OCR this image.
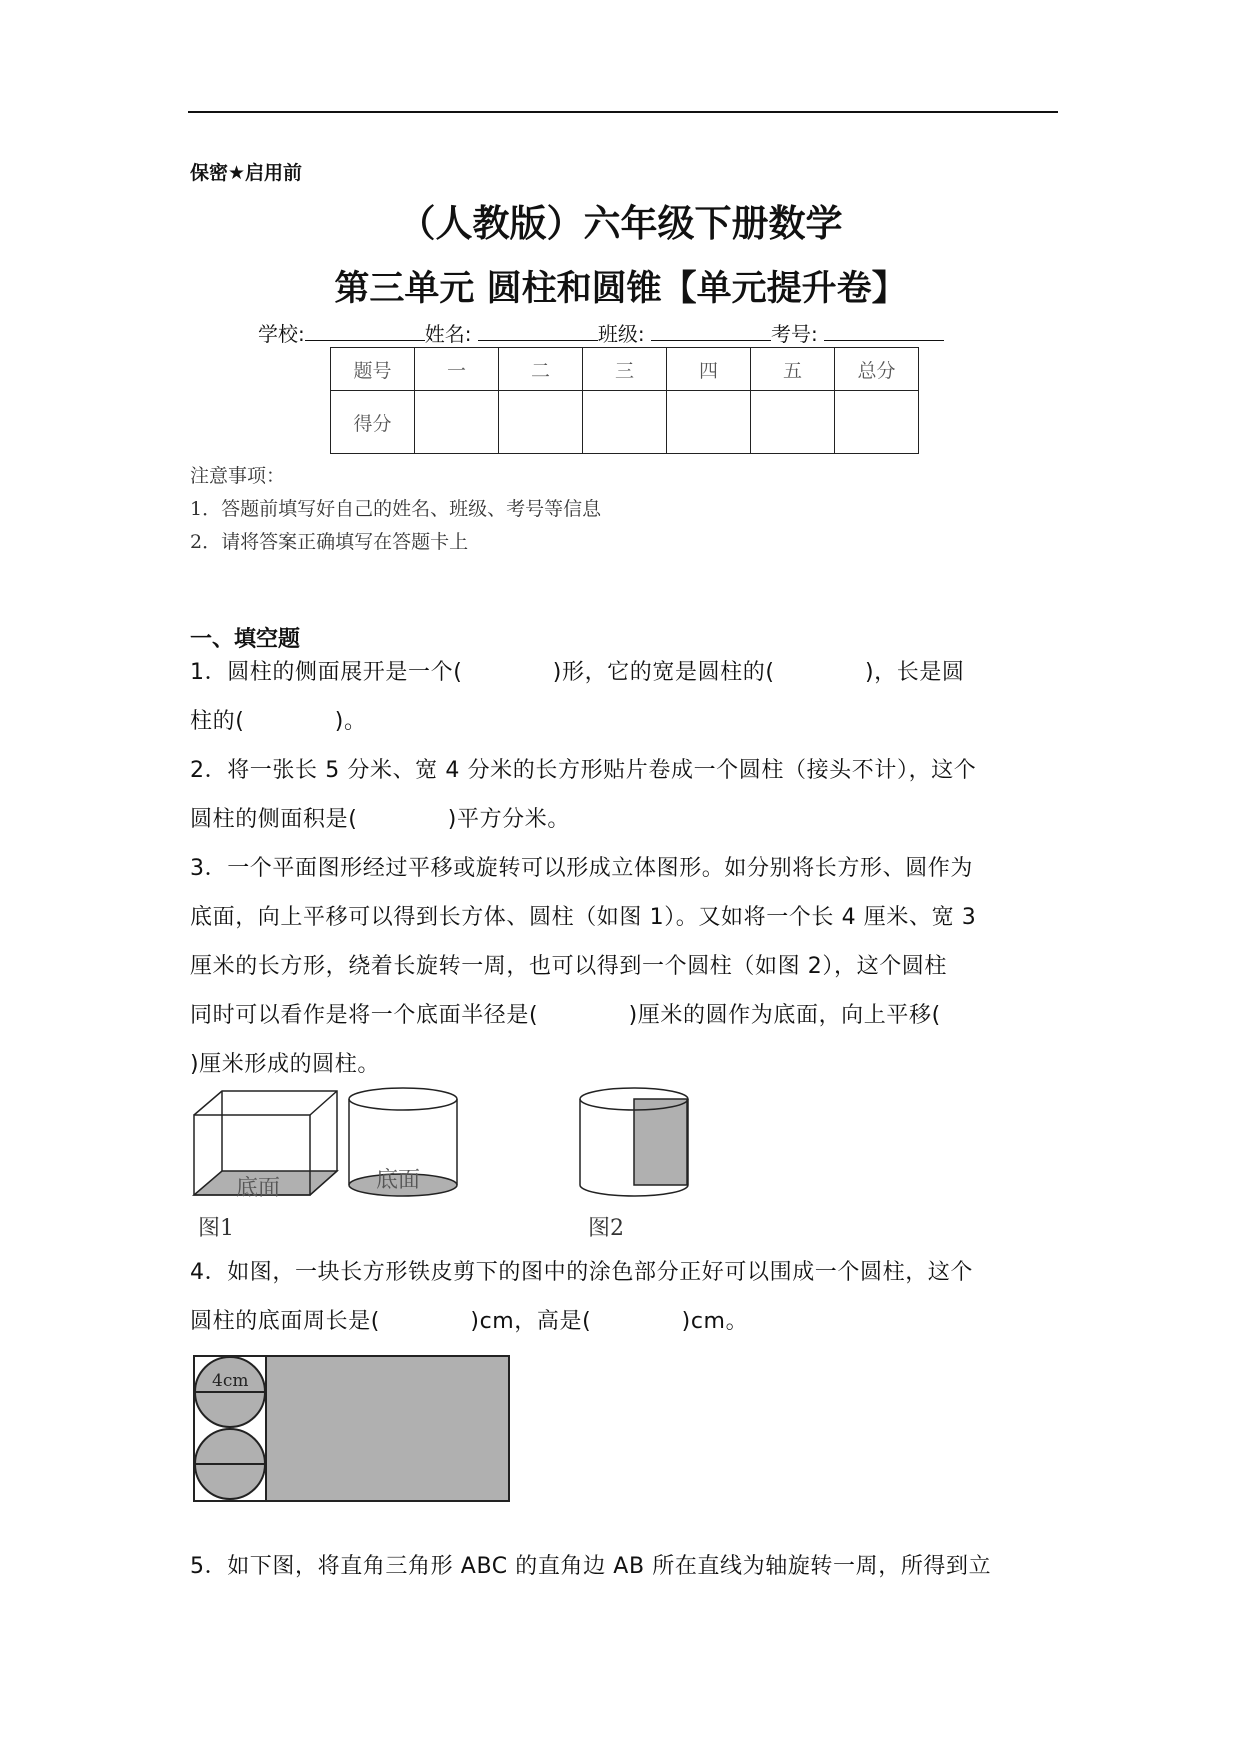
保密★启用前
（人教版）六年级下册数学
第三单元 圆柱和圆锥【单元提升卷】
学校:	姓名:	班级:	考号:
题号	一	二	三	四	五	总分
得分						
注意事项：
1．答题前填写好自己的姓名、班级、考号等信息
2．请将答案正确填写在答题卡上
一、填空题
1．圆柱的侧面展开是一个(　　　　)形，它的宽是圆柱的(　　　　)，长是圆
柱的(　　　　)。
2．将一张长 5 分米、宽 4 分米的长方形贴片卷成一个圆柱（接头不计），这个
圆柱的侧面积是(　　　　)平方分米。
3．一个平面图形经过平移或旋转可以形成立体图形。如分别将长方形、圆作为
底面，向上平移可以得到长方体、圆柱（如图 1）。又如将一个长 4 厘米、宽 3
厘米的长方形，绕着长旋转一周，也可以得到一个圆柱（如图 2），这个圆柱
同时可以看作是将一个底面半径是(　　　　)厘米的圆作为底面，向上平移(
)厘米形成的圆柱。
底面	底面
图1	图2
4．如图，一块长方形铁皮剪下的图中的涂色部分正好可以围成一个圆柱，这个
圆柱的底面周长是(　　　　)cm，高是(　　　　)cm。
4cm
5．如下图，将直角三角形 ABC 的直角边 AB 所在直线为轴旋转一周，所得到立
